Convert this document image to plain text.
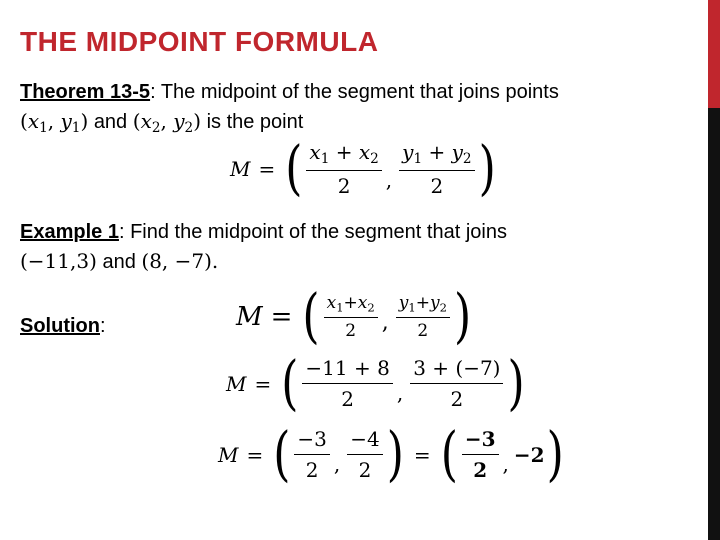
THE MIDPOINT FORMULA
Theorem 13-5: The midpoint of the segment that joins points
($x_1$, $y_1$) and ($x_2$, $y_2$) is the point
M = ( $\frac{x_1 + x_2}{2}$ , $\frac{y_1 + y_2}{2}$ )
Example 1: Find the midpoint of the segment that joins
(−11,3) and (8, −7).
Solution:	M = ( $\frac{x_1+x_2}{2}$ , $\frac{y_1+y_2}{2}$ )
M = ( $\frac{-11 + 8}{2}$ , $\frac{3 + (-7)}{2}$ )
M = ( $\frac{-3}{2}$ , $\frac{-4}{2}$ ) = ( $\frac{-3}{2}$ , −2 )
